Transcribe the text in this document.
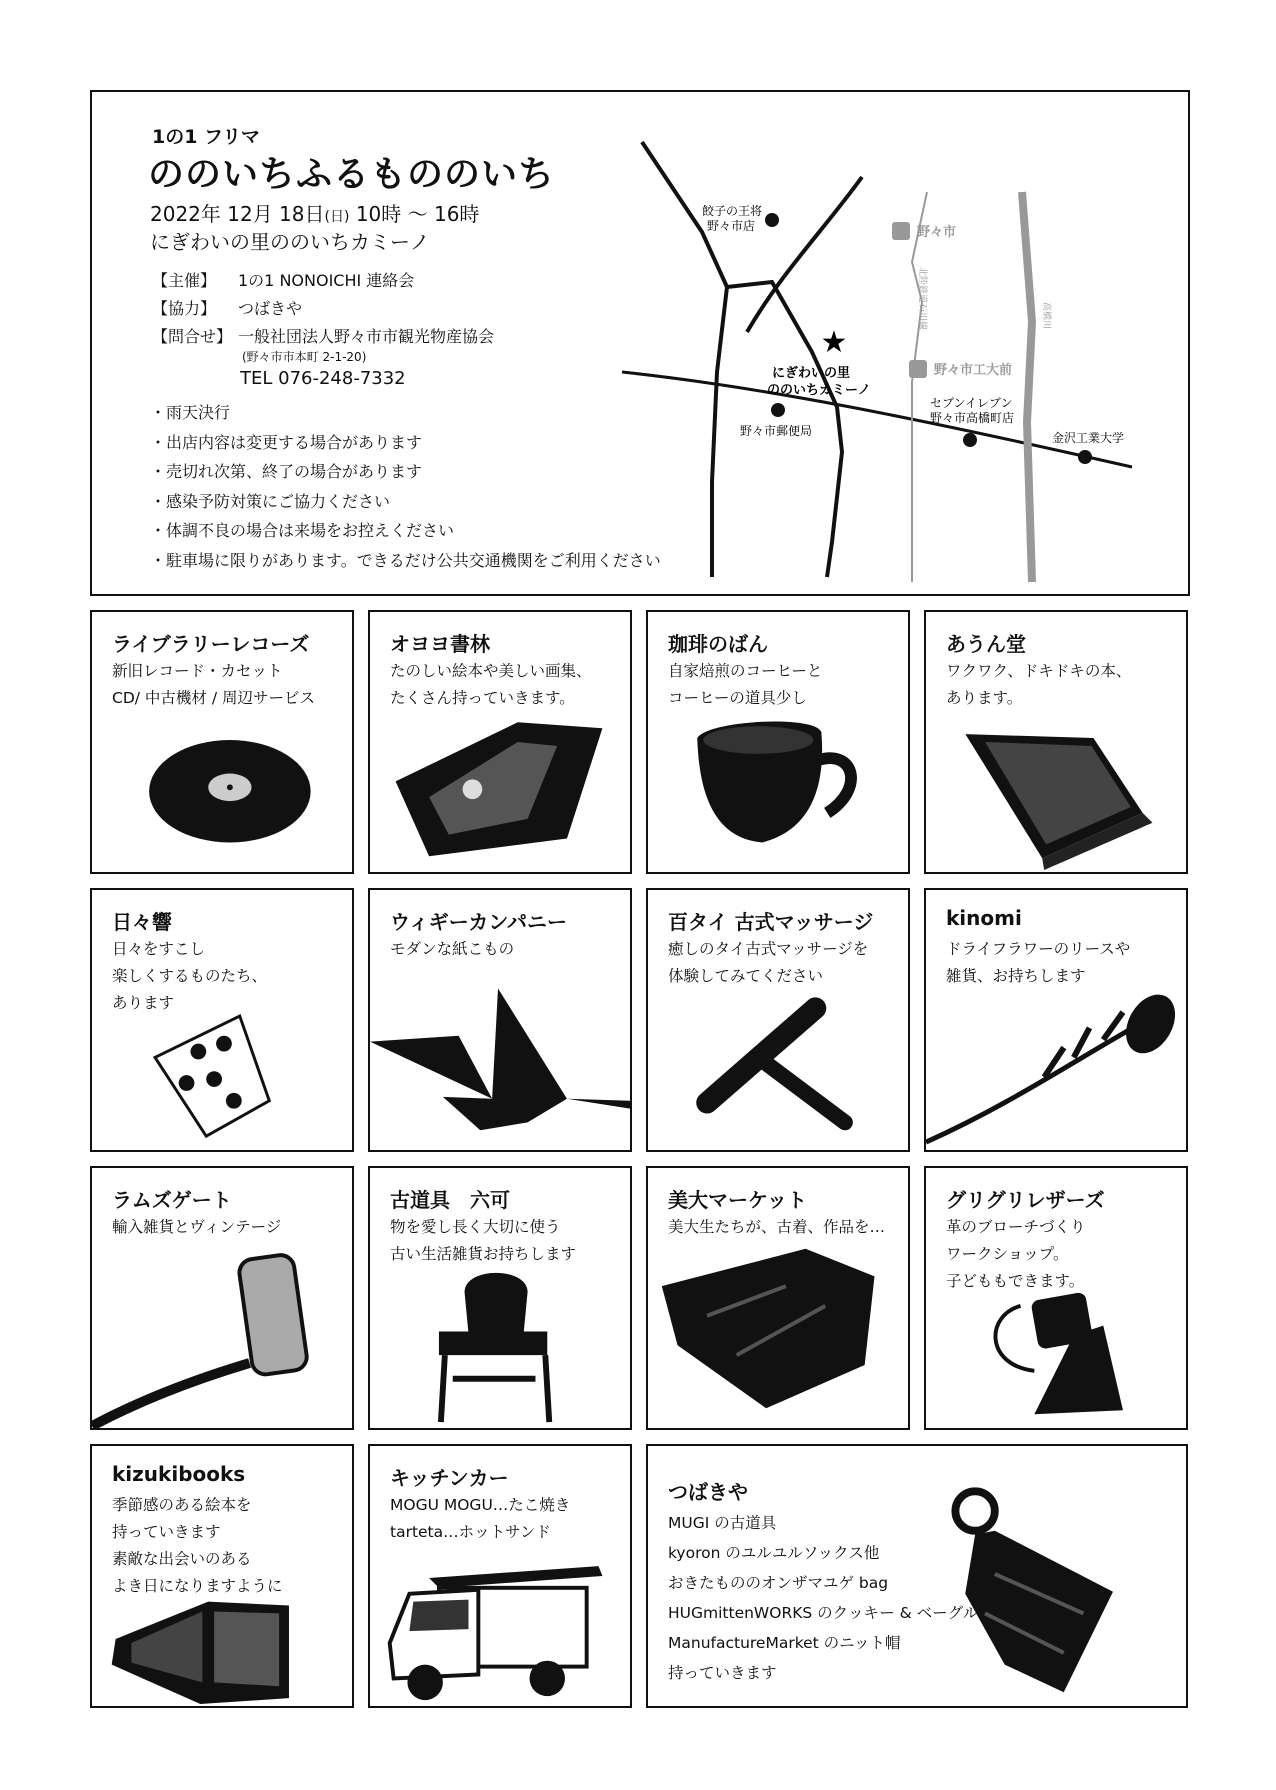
1の1 フリマ
ののいちふるもののいち
2022年 12月 18日(日) 10時 〜 16時
にぎわいの里ののいちカミーノ
【主催】 1の1 NONOICHI 連絡会
【協力】 つばきや
【問合せ】 一般社団法人野々市市観光物産協会
(野々市市本町 2-1-20)
TEL 076-248-7332
・雨天決行
・出店内容は変更する場合があります
・売切れ次第、終了の場合があります
・感染予防対策にご協力ください
・体調不良の場合は来場をお控えください
・駐車場に限りがあります。できるだけ公共交通機関をご利用ください
野々市
野々市工大前
北陸鉄道石川線	高橋川
餃子の王将
野々市店
★
にぎわいの里
ののいちカミーノ
野々市郵便局
セブンイレブン
野々市高橋町店
金沢工業大学
ライブラリーレコーズ
新旧レコード・カセット
CD/ 中古機材 / 周辺サービス
オヨヨ書林
たのしい絵本や美しい画集、
たくさん持っていきます。
珈琲のばん
自家焙煎のコーヒーと
コーヒーの道具少し
あうん堂
ワクワク、ドキドキの本、
あります。
日々響
日々をすこし
楽しくするものたち、
あります
ウィギーカンパニー
モダンな紙こもの
百タイ 古式マッサージ
癒しのタイ古式マッサージを
体験してみてください
kinomi
ドライフラワーのリースや
雑貨、お持ちします
ラムズゲート
輸入雑貨とヴィンテージ
古道具　六可
物を愛し長く大切に使う
古い生活雑貨お持ちします
美大マーケット
美大生たちが、古着、作品を…
グリグリレザーズ
革のブローチづくり
ワークショップ。
子どももできます。
kizukibooks
季節感のある絵本を
持っていきます
素敵な出会いのある
よき日になりますように
キッチンカー
MOGU MOGU…たこ焼き
tarteta…ホットサンド
つばきや
MUGI の古道具
kyoron のユルユルソックス他
おきたもののオンザマユゲ bag
HUGmittenWORKS のクッキー & ベーグル
ManufactureMarket のニット帽
持っていきます
